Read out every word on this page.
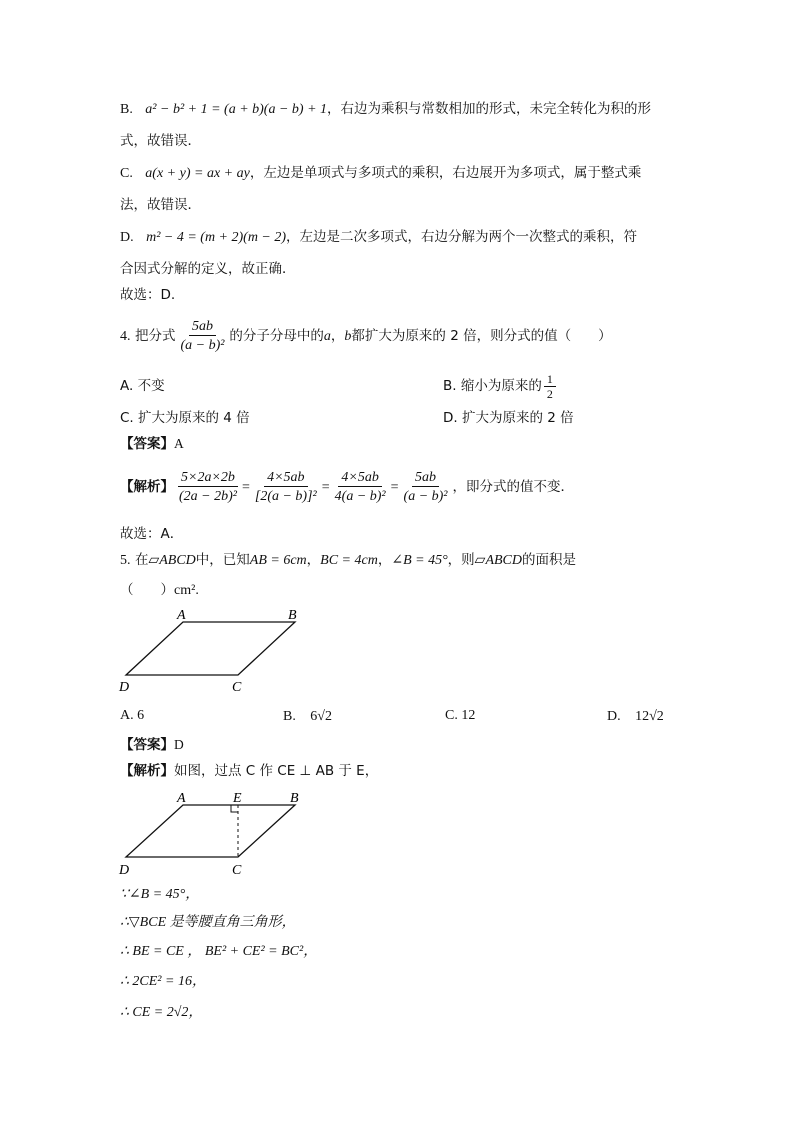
B. a² − b² + 1 = (a + b)(a − b) + 1，右边为乘积与常数相加的形式，未完全转化为积的形
式，故错误．
C. a(x + y) = ax + ay，左边是单项式与多项式的乘积，右边展开为多项式，属于整式乘
法，故错误．
D. m² − 4 = (m + 2)(m − 2)，左边是二次多项式，右边分解为两个一次整式的乘积，符
合因式分解的定义，故正确．
故选：D.
4. 把分式 $\frac{5ab}{\text{(a − b)²}}$ 的分子分母中的a，b都扩大为原来的 2 倍，则分式的值（　　）
A. 不变	B. 缩小为原来的 $\frac{1}{2}$
C. 扩大为原来的 4 倍	D. 扩大为原来的 2 倍
【答案】A
【解析】 $\frac{5\times 2a\times 2b}{\text{(2a − 2b)²}} = \frac{4\times 5ab}{\text{[2(a − b)]²}} = \frac{4\times 5ab}{\text{4(a − b)²}} = \frac{5ab}{\text{(a − b)²}}$ ，即分式的值不变．
故选：A．
5. 在▱ABCD中，已知AB = 6cm，BC = 4cm，∠B = 45°，则▱ABCD的面积是
（　　）cm².
A	B
C
D
A. 6	B. 6√2	C. 12	D. 12√2
【答案】D
【解析】如图，过点 C 作 CE ⊥ AB 于 E，
A	E	B
C
D
∵∠B = 45°，
∴▽BCE 是等腰直角三角形，
∴ BE = CE ， BE² + CE² = BC²，
∴ 2CE² = 16，
∴ CE = 2√2，
